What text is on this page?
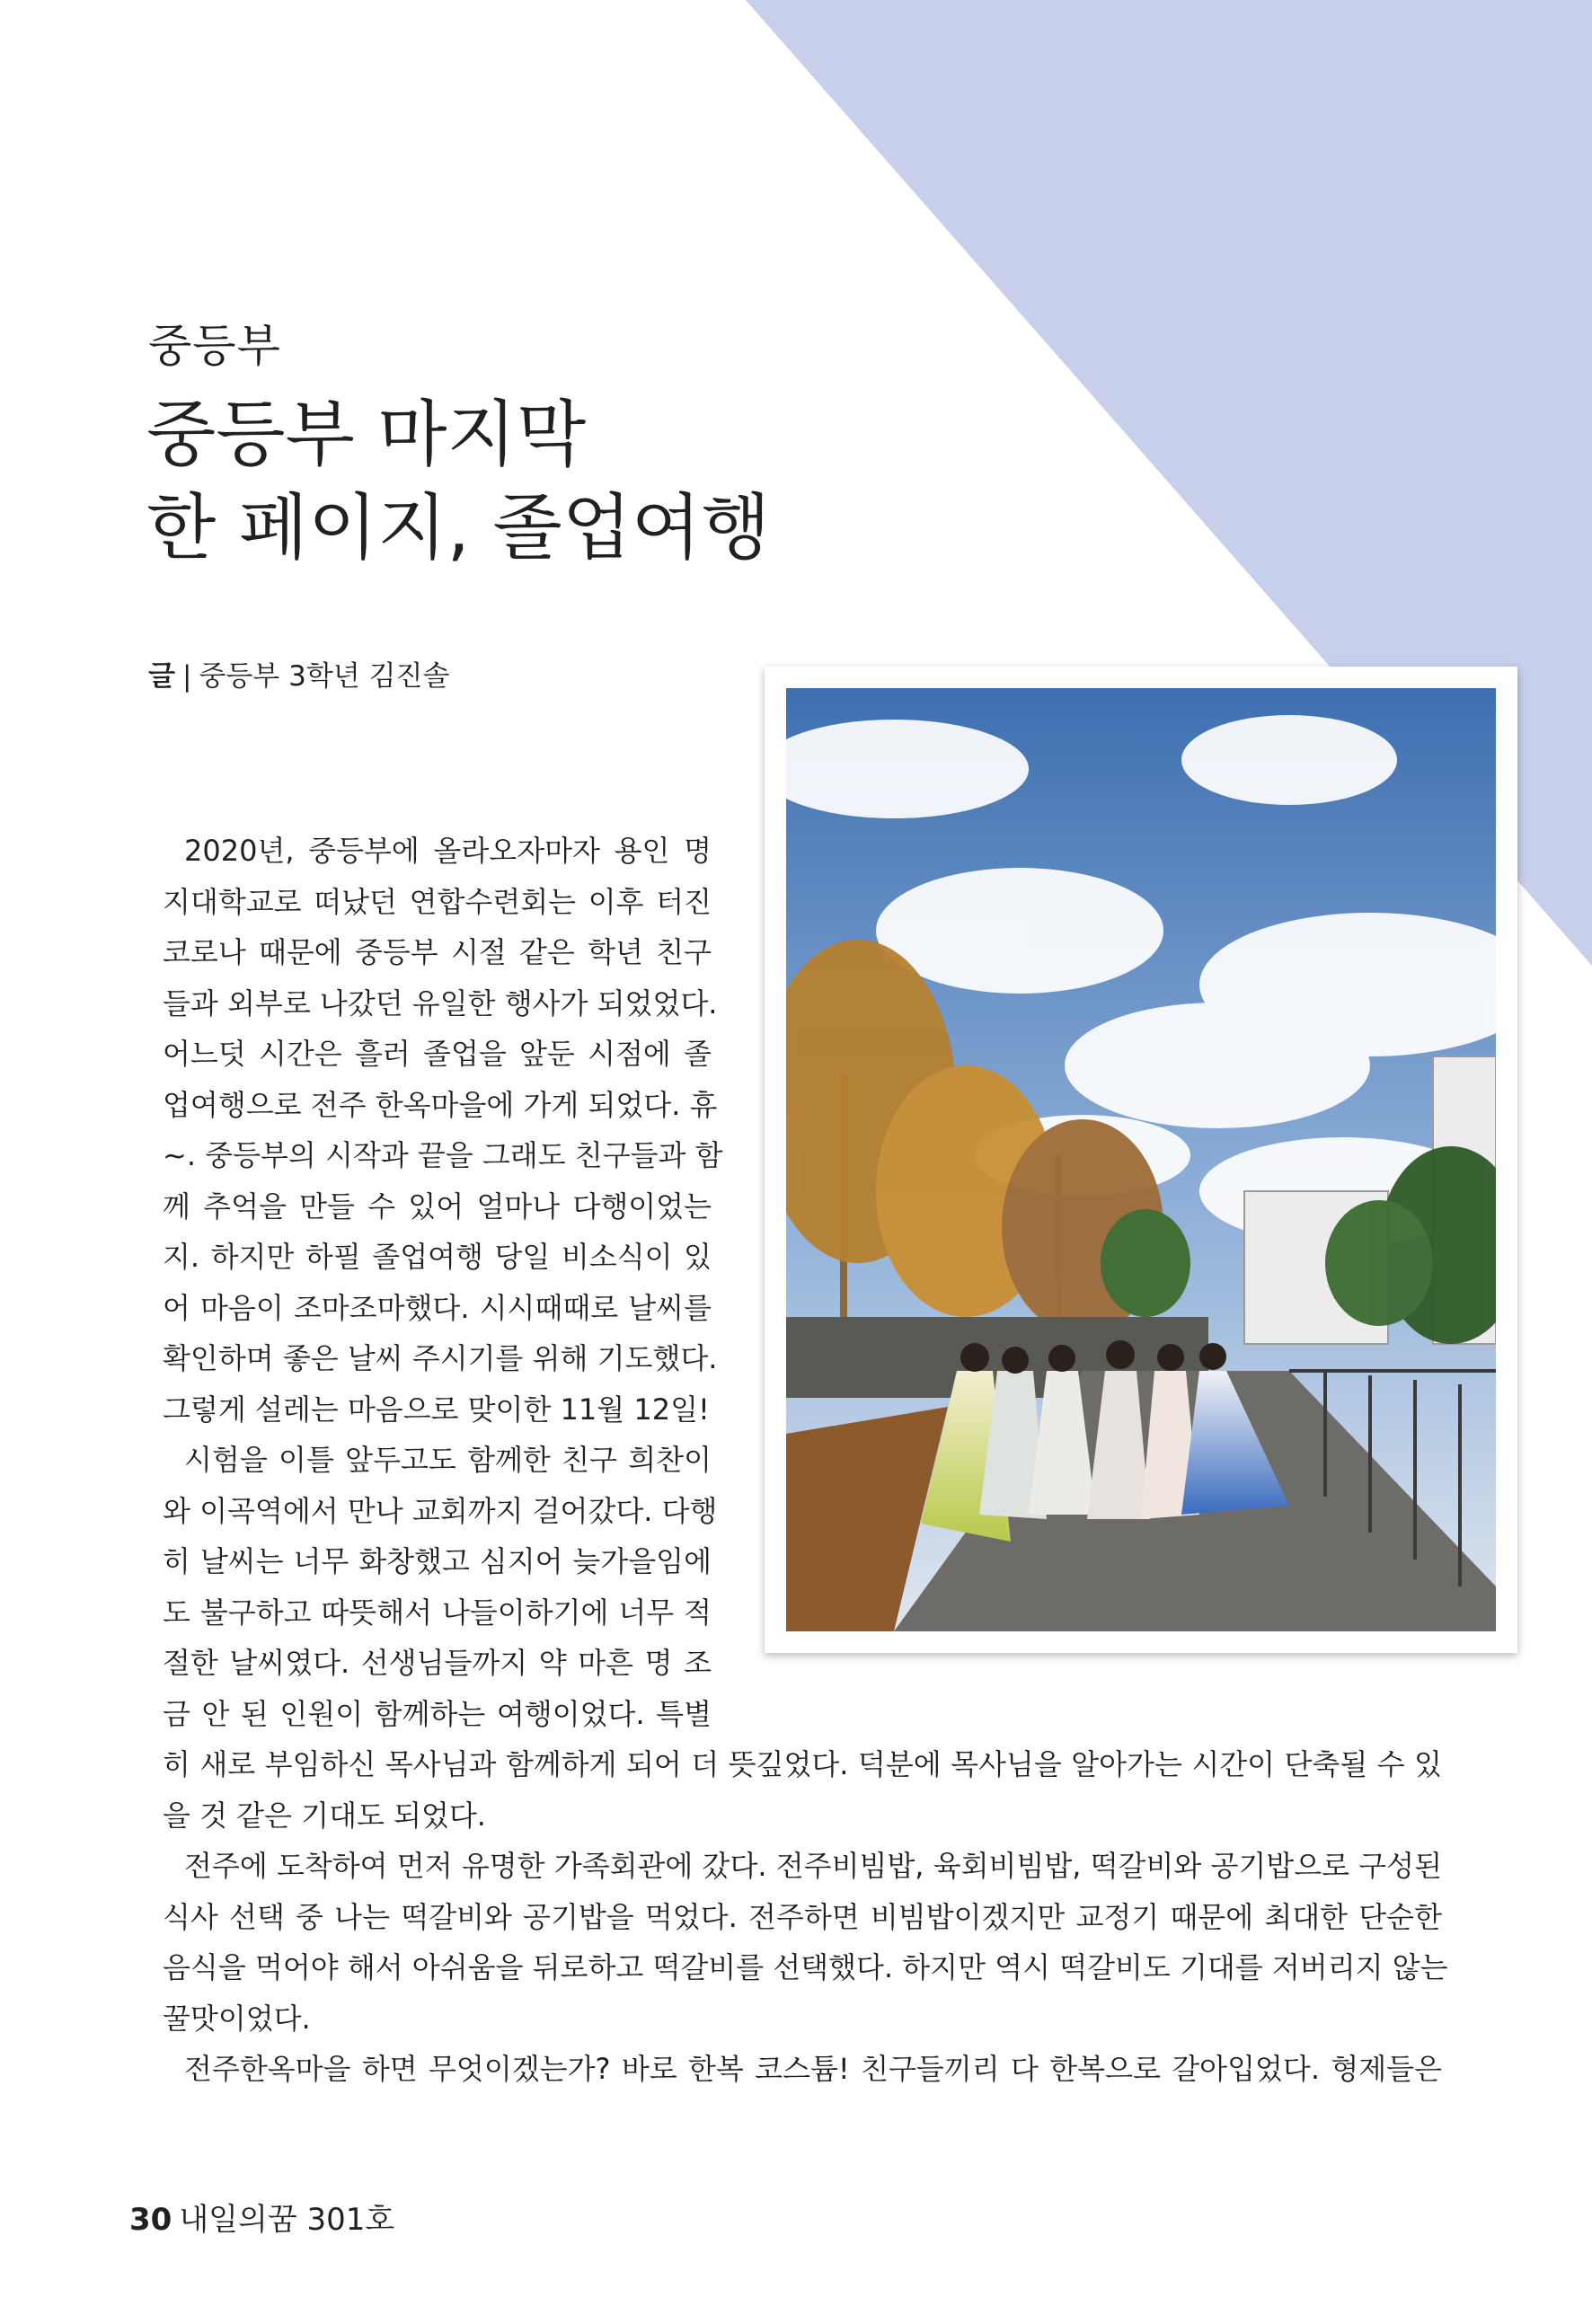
중등부
중등부 마지막
한 페이지, 졸업여행
글 | 중등부 3학년 김진솔
2020년, 중등부에 올라오자마자 용인 명
지대학교로 떠났던 연합수련회는 이후 터진
코로나 때문에 중등부 시절 같은 학년 친구
들과 외부로 나갔던 유일한 행사가 되었었다.
어느덧 시간은 흘러 졸업을 앞둔 시점에 졸
업여행으로 전주 한옥마을에 가게 되었다. 휴
~. 중등부의 시작과 끝을 그래도 친구들과 함
께 추억을 만들 수 있어 얼마나 다행이었는
지. 하지만 하필 졸업여행 당일 비소식이 있
어 마음이 조마조마했다. 시시때때로 날씨를
확인하며 좋은 날씨 주시기를 위해 기도했다.
그렇게 설레는 마음으로 맞이한 11월 12일!
시험을 이틀 앞두고도 함께한 친구 희찬이
와 이곡역에서 만나 교회까지 걸어갔다. 다행
히 날씨는 너무 화창했고 심지어 늦가을임에
도 불구하고 따뜻해서 나들이하기에 너무 적
절한 날씨였다. 선생님들까지 약 마흔 명 조
금 안 된 인원이 함께하는 여행이었다. 특별
히 새로 부임하신 목사님과 함께하게 되어 더 뜻깊었다. 덕분에 목사님을 알아가는 시간이 단축될 수 있
을 것 같은 기대도 되었다.
전주에 도착하여 먼저 유명한 가족회관에 갔다. 전주비빔밥, 육회비빔밥, 떡갈비와 공기밥으로 구성된
식사 선택 중 나는 떡갈비와 공기밥을 먹었다. 전주하면 비빔밥이겠지만 교정기 때문에 최대한 단순한
음식을 먹어야 해서 아쉬움을 뒤로하고 떡갈비를 선택했다. 하지만 역시 떡갈비도 기대를 저버리지 않는
꿀맛이었다.
전주한옥마을 하면 무엇이겠는가? 바로 한복 코스튬! 친구들끼리 다 한복으로 갈아입었다. 형제들은
30 내일의꿈 301호
